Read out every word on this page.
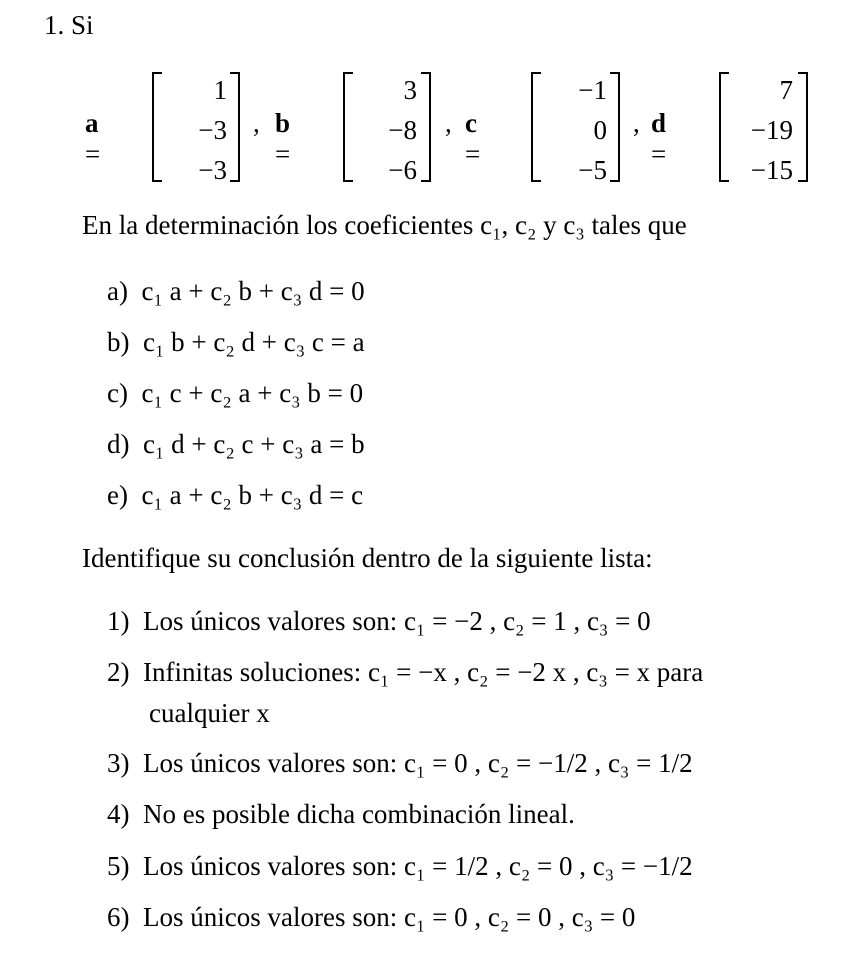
1. Si
a =
1
−3
−3
, b =
3
−8
−6
, c =
−1
0
−5
, d =
7
−19
−15
En la determinación los coeficientes c₁, c₂ y c₃ tales que
a) c₁ a + c₂ b + c₃ d = 0
b) c₁ b + c₂ d + c₃ c = a
c) c₁ c + c₂ a + c₃ b = 0
d) c₁ d + c₂ c + c₃ a = b
e) c₁ a + c₂ b + c₃ d = c
Identifique su conclusión dentro de la siguiente lista:
1) Los únicos valores son: c₁ = −2 , c₂ = 1 , c₃ = 0
2) Infinitas soluciones: c₁ = −x , c₂ = −2 x , c₃ = x para
cualquier x
3) Los únicos valores son: c₁ = 0 , c₂ = −1/2 , c₃ = 1/2
4) No es posible dicha combinación lineal.
5) Los únicos valores son: c₁ = 1/2 , c₂ = 0 , c₃ = −1/2
6) Los únicos valores son: c₁ = 0 , c₂ = 0 , c₃ = 0
